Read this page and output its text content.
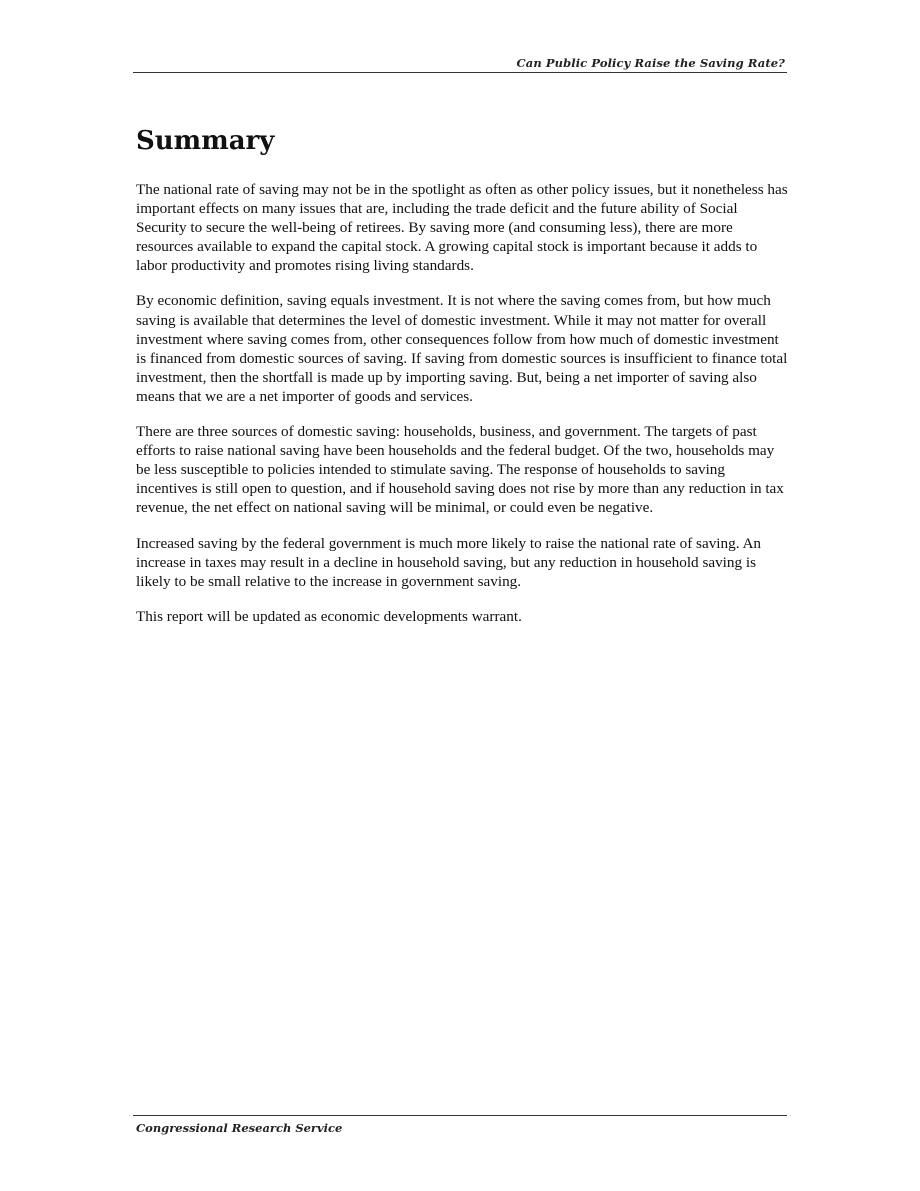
Can Public Policy Raise the Saving Rate?
Summary

The national rate of saving may not be in the spotlight as often as other policy issues, but it nonetheless has important effects on many issues that are, including the trade deficit and the future ability of Social Security to secure the well-being of retirees. By saving more (and consuming less), there are more resources available to expand the capital stock. A growing capital stock is important because it adds to labor productivity and promotes rising living standards.

By economic definition, saving equals investment. It is not where the saving comes from, but how much saving is available that determines the level of domestic investment. While it may not matter for overall investment where saving comes from, other consequences follow from how much of domestic investment is financed from domestic sources of saving. If saving from domestic sources is insufficient to finance total investment, then the shortfall is made up by importing saving. But, being a net importer of saving also means that we are a net importer of goods and services.

There are three sources of domestic saving: households, business, and government. The targets of past efforts to raise national saving have been households and the federal budget. Of the two, households may be less susceptible to policies intended to stimulate saving. The response of households to saving incentives is still open to question, and if household saving does not rise by more than any reduction in tax revenue, the net effect on national saving will be minimal, or could even be negative.

Increased saving by the federal government is much more likely to raise the national rate of saving. An increase in taxes may result in a decline in household saving, but any reduction in household saving is likely to be small relative to the increase in government saving.

This report will be updated as economic developments warrant.

Congressional Research Service
